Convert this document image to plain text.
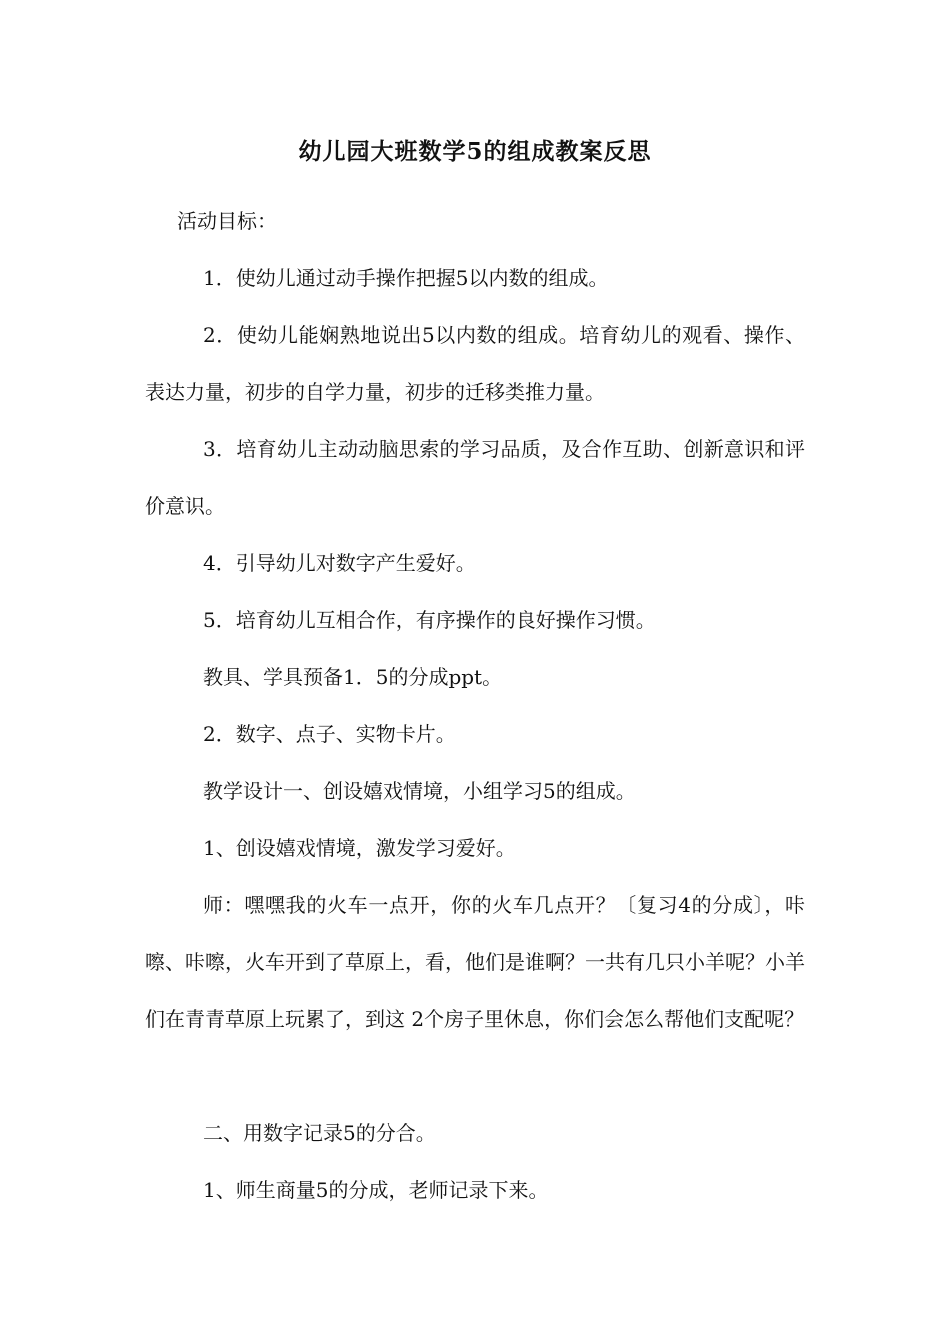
幼儿园大班数学5的组成教案反思

活动目标：

1．使幼儿通过动手操作把握5以内数的组成。

2．使幼儿能娴熟地说出5以内数的组成。培育幼儿的观看、操作、表达力量，初步的自学力量，初步的迁移类推力量。

3．培育幼儿主动动脑思索的学习品质，及合作互助、创新意识和评价意识。

4．引导幼儿对数字产生爱好。

5．培育幼儿互相合作，有序操作的良好操作习惯。

教具、学具预备1．5的分成ppt。

2．数字、点子、实物卡片。

教学设计一、创设嬉戏情境，小组学习5的组成。

1、创设嬉戏情境，激发学习爱好。

师：嘿嘿我的火车一点开，你的火车几点开？〔复习4的分成〕，咔嚓、咔嚓，火车开到了草原上，看，他们是谁啊？一共有几只小羊呢？小羊们在青青草原上玩累了，到这 2个房子里休息，你们会怎么帮他们支配呢？

二、用数字记录5的分合。

1、师生商量5的分成，老师记录下来。
